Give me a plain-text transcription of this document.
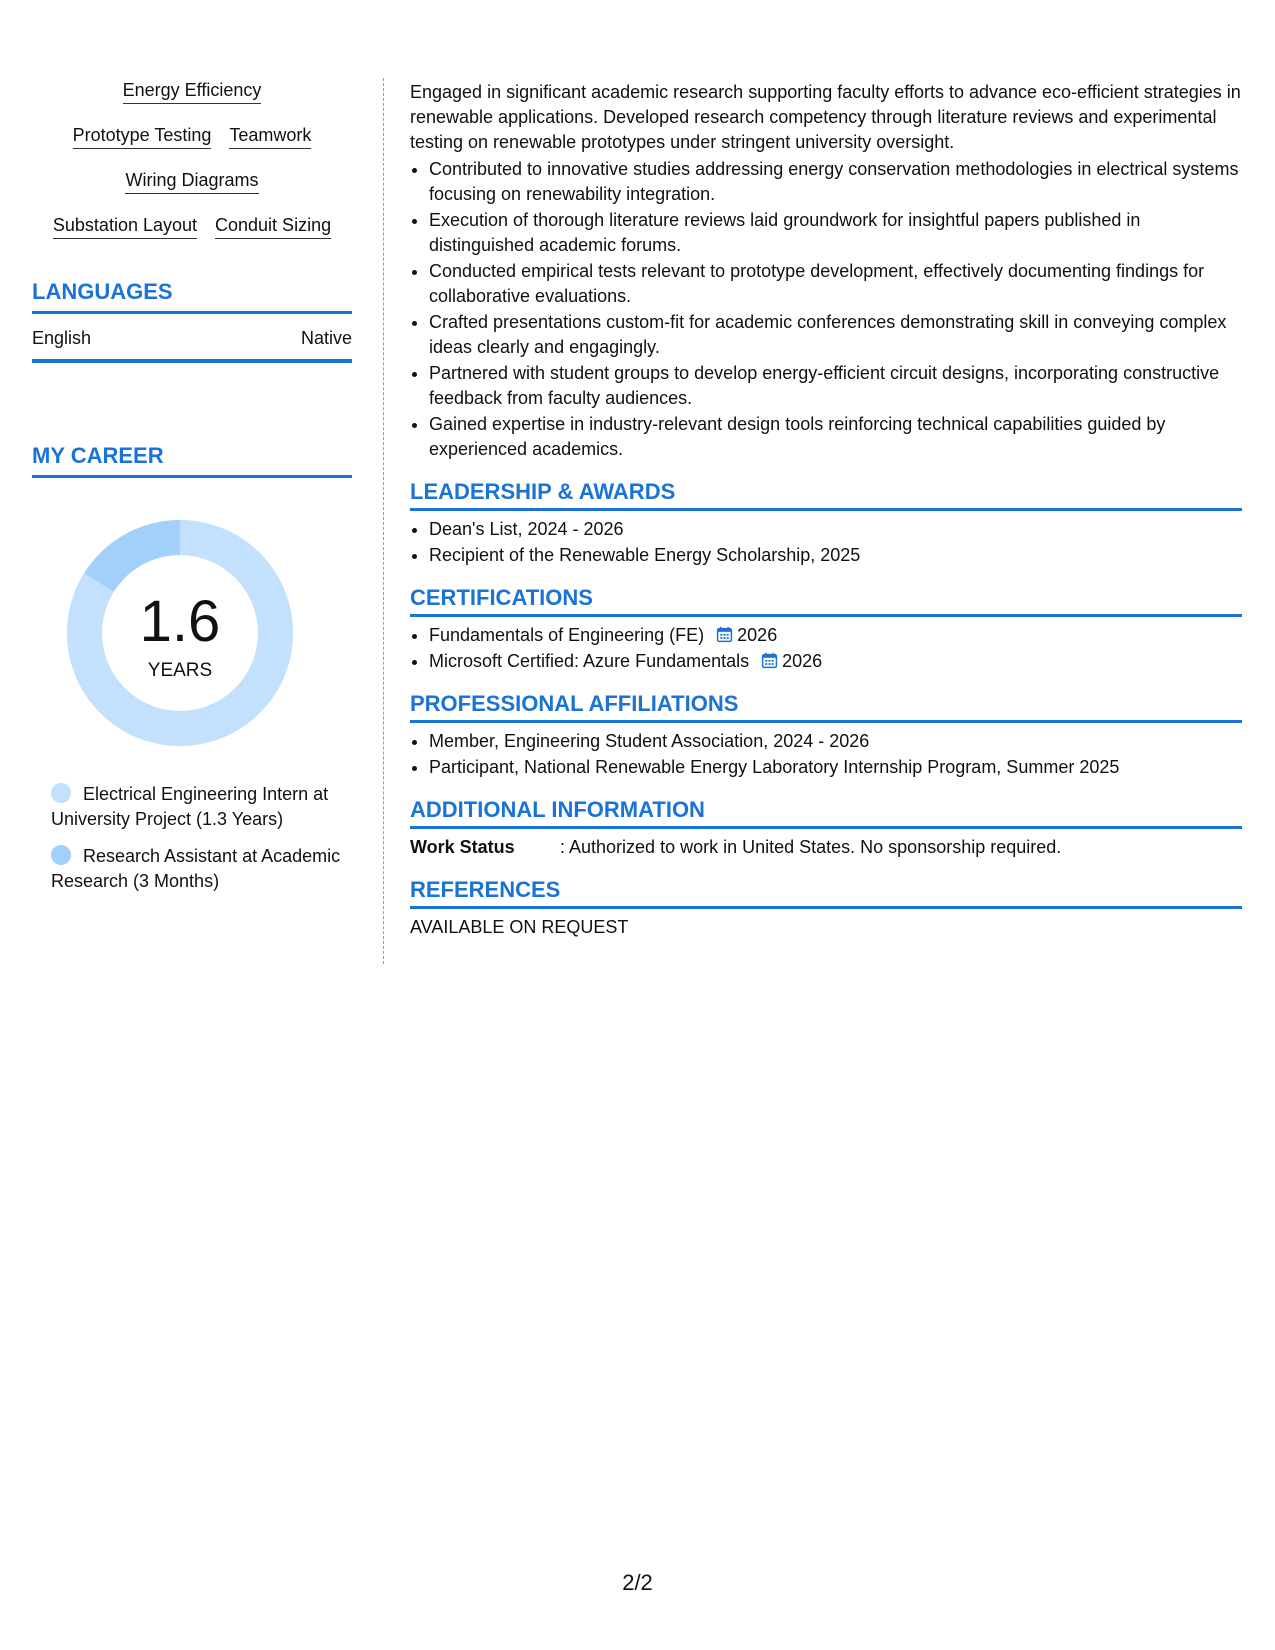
Energy Efficiency
Prototype Testing Teamwork
Wiring Diagrams
Substation Layout Conduit Sizing
LANGUAGES
English	Native
MY CAREER
1.6
YEARS
Electrical Engineering Intern at University Project (1.3 Years)
Research Assistant at Academic Research (3 Months)

Engaged in significant academic research supporting faculty efforts to advance eco-efficient strategies in renewable applications. Developed research competency through literature reviews and experimental testing on renewable prototypes under stringent university oversight.

• Contributed to innovative studies addressing energy conservation methodologies in electrical systems focusing on renewability integration.
• Execution of thorough literature reviews laid groundwork for insightful papers published in distinguished academic forums.
• Conducted empirical tests relevant to prototype development, effectively documenting findings for collaborative evaluations.
• Crafted presentations custom-fit for academic conferences demonstrating skill in conveying complex ideas clearly and engagingly.
• Partnered with student groups to develop energy-efficient circuit designs, incorporating constructive feedback from faculty audiences.
• Gained expertise in industry-relevant design tools reinforcing technical capabilities guided by experienced academics.
LEADERSHIP & AWARDS
• Dean's List, 2024 - 2026
• Recipient of the Renewable Energy Scholarship, 2025
CERTIFICATIONS
• Fundamentals of Engineering (FE) 2026
• Microsoft Certified: Azure Fundamentals 2026
PROFESSIONAL AFFILIATIONS
• Member, Engineering Student Association, 2024 - 2026
• Participant, National Renewable Energy Laboratory Internship Program, Summer 2025
ADDITIONAL INFORMATION
Work Status	: Authorized to work in United States. No sponsorship required.
REFERENCES
AVAILABLE ON REQUEST
2/2
